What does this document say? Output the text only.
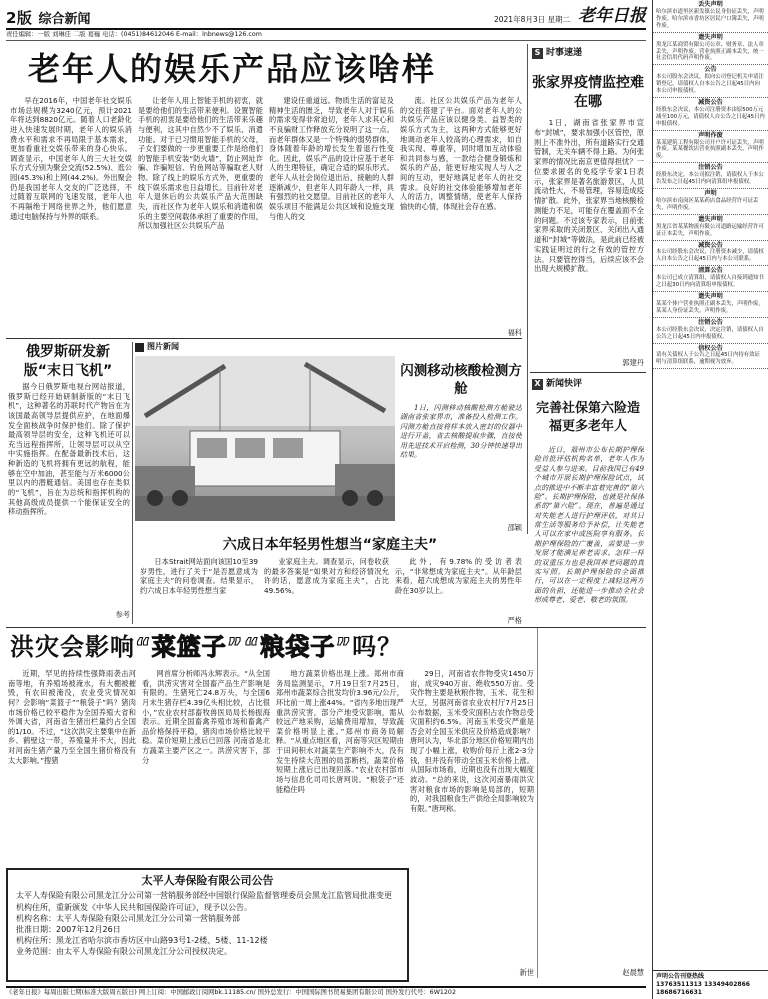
2版 综合新闻	2021年8月3日 星期二 老年日报
责任编辑：一版 刘琳佳 二版 葛巍 电话：(0451)84612046 E-mail：lnbnews@126.com
老年人的娱乐产品应该啥样

早在2016年，中国老年社交娱乐市场总规模为3240亿元，预计2021年将达到8820亿元。随着人口老龄化进入快速发展时期，老年人的娱乐消费水平和需求不再局限于基本需求，更加看重社交娱乐带来的身心快乐。调查显示，中国老年人的三大社交娱乐方式分别为聚会交流(52.5%)、逛公园(45.3%)和上网(44.2%)。外出聚会仍是我国老年人交友的广泛选择，不过随着互联网的飞速发展，老年人也不再隔绝于网络世界之外，他们愿意通过电脑保持与外界的联系。

让老年人用上智能手机的初衷，就是要给他们的生活带来便利。设置智能手机的初衷是要给他们的生活带来乐趣与便利，这其中自然少不了娱乐、消遣功能。对于已习惯用智能手机的父母，子女们要做的一步更重要工作是给他们的智能手机安装“防火墙”，防止网址诈骗、诈骗短信、钓鱼网站等骗取老人财物。除了线上的娱乐方式外，更重要的线下娱乐需求也日益增长。目前针对老年人退休后的公共娱乐产品大范围缺失，而社区作为老年人娱乐和消遣和娱乐的主要空间载体承担了重要的作用，所以加强社区公共娱乐产品

建设任重道远。物质生活的富足及精神生活的匮乏，导致老年人对于娱乐的需求变得非常迫切，老年人求其心和不良骗财工作释放充分说明了这一点。而老年群体又是一个特殊的弱势群体，身体随着年龄的增长发生着退行性变化。因此，娱乐产品的设计应基于老年人的生理特征，确定合适的娱乐形式。老年人从社会岗位退出后，接触的人群逐渐减少，但老年人同年龄人一样，具有强烈的社交愿望。目前社区的老年人娱乐项目不能满足公共区域和设施支现与他人的交

流。社区公共娱乐产品为老年人的交往搭建了平台。面对老年人的公共娱乐产品应该以健身类、益智类的娱乐方式为主，这两种方式能够更好地调动老年人较高的心理需求，如自我实现、尊重等，同时增加互动体验和共同参与感，一款结合健身锻炼和娱乐的产品，能更好地实现人与人之间的互动，更好地满足老年人的社交需求。良好的社交体验能够增加老年人的活力，调整情绪，使老年人保持愉快的心情，体现社会存在感。

福科
俄罗斯研发新版“末日飞机”

据今日俄罗斯电视台网站报道，俄罗斯已经开始研制新版的“末日飞机”，这种著名的苏联时代产物旨在为该国最高领导层提供应护，在地面爆发全面核战争时保护他们。除了保护最高领导层的安全，这种飞机还可以充当远程指挥所，让领导层可以从空中实施指挥。在配备最新技术后，这种新造的飞机将拥有更远的航程，能够在空中加油，甚至能与万米6000公里以内的潜艇通信。美国也存在类似的“飞机”，旨在为总统和指挥机构的其他高级成员提供一个能保证安全的移动指挥所。

参考
图片新闻
闪测移动核酸检测方舱

1日，闪测移动核酸检测方舱驶达湖南省张家界市，准备投入检测工作。闪测方舱直接将样本放入密封的仪器中进行开盖，省去核酸提取步骤，直接使用先进技术开启检测，30分钟快速导出结果。

邵颖
六成日本年轻男性想当“家庭主夫”

日本Strait网站面向该国10至39岁男性，进行了关于“是否愿意成为家庭主夫”的问卷调查。结果显示，约六成日本年轻男性想当家

业家庭主夫。调查显示，问卷收获的最多答案是“如果对方和经济情况允许的话，愿意成为家庭主夫”，占比49.56%。

此外，有9.78%的受访者表示，“非常想成为家庭主夫”。从年龄层来看，超六成想成为家庭主夫的男性年龄在30岁以上。

严格
洪灾会影响“菜篮子”“粮袋子”吗？

近期，罕见的持续性强降雨袭击河南等地，有养殖场被淹水，有大棚被摧毁，有农田被淹没，农业受灾情况如何？会影响“菜篮子”“粮袋子”吗？猪肉市场价格已较平稳作为全国养殖大省和外调大省，河南省生猪出栏量约占全国的1/10。不过，“这次洪灾主要集中在新乡、鹤壁这一带，养殖量并不大，因此对河南生猪产量乃至全国生猪价格没有太大影响。”搜猪

网首席分析师冯永辉表示。“从全国看，洪涝灾害对全国畜产品生产影响是有限的。生猪死亡24.8万头，与全国6月末生猪存栏4.39亿头相比较，占比很小，”农业农村部畜牧兽医局局长杨振海表示。近期全国畜禽养殖市场和畜禽产品价格保持平稳，猪肉市场价格比较平稳。菜价短期上涨后已回落 河南省是北方蔬菜主要产区之一。洪涝灾害下，部分

地方蔬菜价格出现上涨。郑州市商务局监测显示，7月19日至7月25日，郑州市蔬菜综合批发均价3.96元/公斤，环比前一周上涨44%。“省内多地出现严重洪涝灾害，部分产地受灾影响，需从较远产地采购，运输费用增加，导致蔬菜价格明显上涨。”郑州市商务局解释。“从重点地区看，河南等灾区短期由于田间积水对蔬菜生产影响不大，没有发生持续大范围的局部断档，蔬菜价格短期上涨后已出现回落。”农业农村部市场与信息化司司长唐珂说。“粮袋子”还能稳住吗

29日，河南省农作物受灾1450万亩，成灾940万亩、绝收550万亩。受灾作物主要是秋粮作物，玉米、花生和大豆，另据河南省农业农村厅7月25日公布数据，玉米受灾面积占农作物总受灾面积约6.5%。河南玉米受灾严重是否会对全国玉米供应及价格造成影响？唐珂认为，华北部分地区价格短期内出现了小幅上涨，收购价每斤上涨2-3分钱，但并没有带动全国玉米价格上涨。从国际市场看，近期也没有出现大幅度波动。“总的来说，这次河南暴雨洪灾害对粮食市场的影响是局部的，短期的，对我国粮食生产供给全局影响较为有限。”唐珂称。

新世
太平人寿保险有限公司公告
太平人寿保险有限公司黑龙江分公司第一营销服务部经中国银行保险监督管理委员会黑龙江监管局批准变更机构住所，重新颁发《中华人民共和国保险许可证》，现予以公告。
机构名称：太平人寿保险有限公司黑龙江分公司第一营销服务部
批准日期：2007年12月26日
机构住所：黑龙江省哈尔滨市香坊区中山路93号1-2楼、5楼、11-12楼
业务范围：由太平人寿保险有限公司黑龙江分公司授权决定。
S 时事速递
张家界疫情监控难在哪

1日，湖南省张家界市宣布“封城”，要求加强小区管控，原则上不准外出，所有道路实行交通管制，无关车辆不得上路。为何张家界的情况比南京更值得担忧？一位要求匿名的免疫学专家1日表示，张家界是著名旅游景区，人员流动性大，不易管理，容易造成疫情扩散。此外，张家界当地核酸检测能力不足，可能存在覆盖面不全的问题。不过该专家表示，目前张家界采取的关闭景区、关闭出入通道和“封城”等做法，是此前已经被实践证明过的行之有效的管控方法。只要管控得当，后续应该不会出现大规模扩散。

郭建丹
X 新闻快评
完善社保第六险造福更多老年人

近日，福州市公布长期护理保险首批评估机构名单，老年人作为受益人参与进来。目前我国已有49个城市开展长期护理保险试点，试点的推进中不断丰富着完善的“第六险”。长期护理保险，也就是社保体系的“第六险”。现在，普遍是通过对失能老人进行护理评估，对其日常生活等服务给予补偿，让失能老人可以在家中或医院享有服务。长期护理保险的广覆盖，需要进一步发展才能满足养老需求。怎样一样的双重压力也是我国养老问题的真实写照。长期护理保险的全面推行，可以在一定程度上减轻这两方面的负担，还能进一步推动全社会形成尊老、爱老、敬老的氛围。

赵晨慧
丢失声明
哈尔滨市道里区新发镇公民身份证丢失，声明作废。哈尔滨市香坊区居民户口簿丢失，声明作废。
遗失声明
黑龙江某商贸有限公司公章、财务章、法人章丢失，声明作废。营业执照正副本丢失，统一社会信用代码声明作废。
公告
本公司股东会决议，拟向公司登记机关申请注销登记，请债权人自本公告之日起45日内向本公司申报债权。
减资公告
经股东会决议，本公司注册资本由原500万元减至100万元，请债权人自公告之日起45日内申报债权。
声明作废
某某建筑工程有限公司开户许可证丢失，声明作废。某某餐饮店营业执照副本丢失，声明作废。
注销公告
经股东决定，本公司拟注销，请债权人于本公告发布之日起45日内向清算组申报债权。
声明
哈尔滨市南岗区某某药店食品经营许可证丢失，声明作废。
遗失声明
黑龙江省某某物流有限公司道路运输经营许可证正本丢失，声明作废。
减资公告
本公司经股东会决议，注册资本减少，请债权人自本公告之日起45日内与本公司联系。
清算公告
本公司已成立清算组，请债权人自接到通知书之日起30日内向清算组申报债权。
遗失声明
某某个体户营业执照正副本丢失，声明作废。某某人身份证丢失，声明作废。
注销公告
本公司经股东会决议，决定注销，请债权人自公告之日起45日内申报债权。
信权公告
请有关债权人于公告之日起45日内持有效证明与清算组联系，逾期视为放弃。
声明公告刊登热线
13763511313 13349402866 18686716631
《老年日报》每周出版七期(标准大版周五版日) 网上订阅：中国邮政订阅网bk.11185.cn/ 国外总发行：中国国际图书贸易集团有限公司 国外发行代号：6W1202
